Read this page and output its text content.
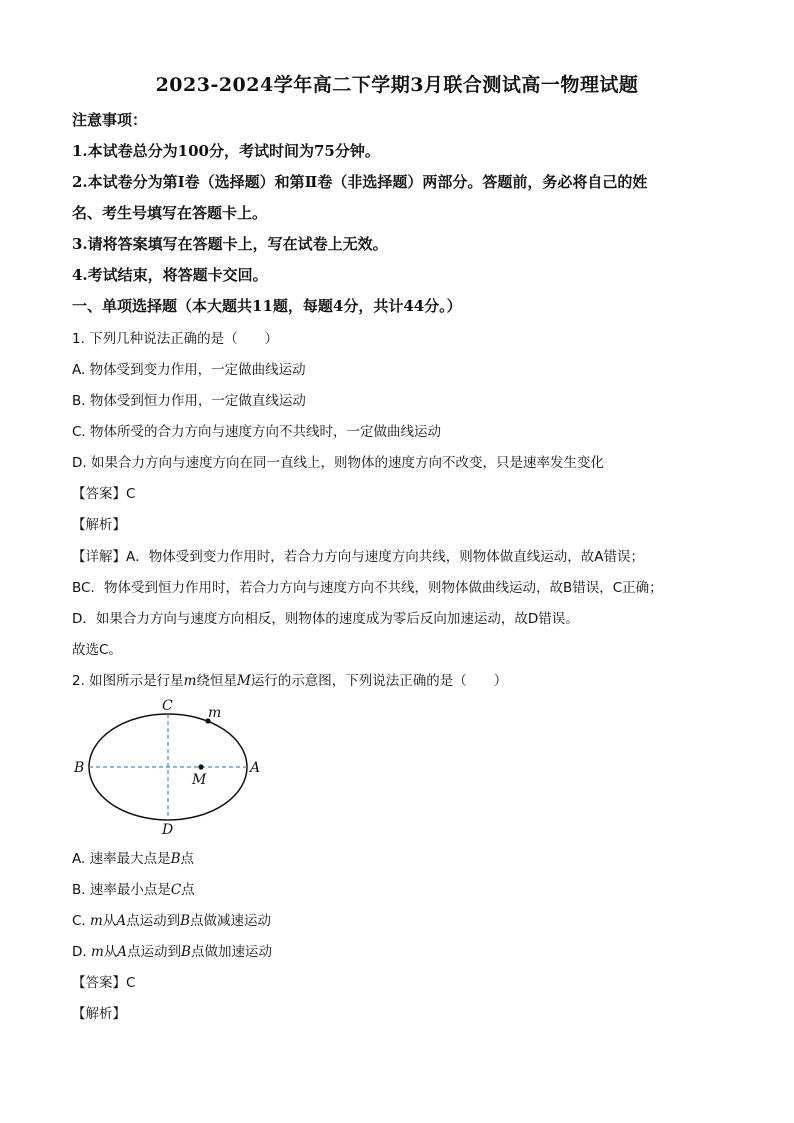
2023-2024学年高二下学期3月联合测试高一物理试题
注意事项：
1.本试卷总分为100分，考试时间为75分钟。
2.本试卷分为第Ⅰ卷（选择题）和第Ⅱ卷（非选择题）两部分。答题前，务必将自己的姓
名、考生号填写在答题卡上。
3.请将答案填写在答题卡上，写在试卷上无效。
4.考试结束，将答题卡交回。
一、单项选择题（本大题共11题，每题4分，共计44分。）
1. 下列几种说法正确的是（　　）
A. 物体受到变力作用，一定做曲线运动
B. 物体受到恒力作用，一定做直线运动
C. 物体所受的合力方向与速度方向不共线时，一定做曲线运动
D. 如果合力方向与速度方向在同一直线上，则物体的速度方向不改变，只是速率发生变化
【答案】C
【解析】
【详解】A．物体受到变力作用时，若合力方向与速度方向共线，则物体做直线运动，故A错误；
BC．物体受到恒力作用时，若合力方向与速度方向不共线，则物体做曲线运动，故B错误，C正确；
D．如果合力方向与速度方向相反，则物体的速度成为零后反向加速运动，故D错误。
故选C。
2. 如图所示是行星m绕恒星M运行的示意图，下列说法正确的是（　　）
C	m
B	A
M
D
A. 速率最大点是B点
B. 速率最小点是C点
C. m从A点运动到B点做减速运动
D. m从A点运动到B点做加速运动
【答案】C
【解析】
